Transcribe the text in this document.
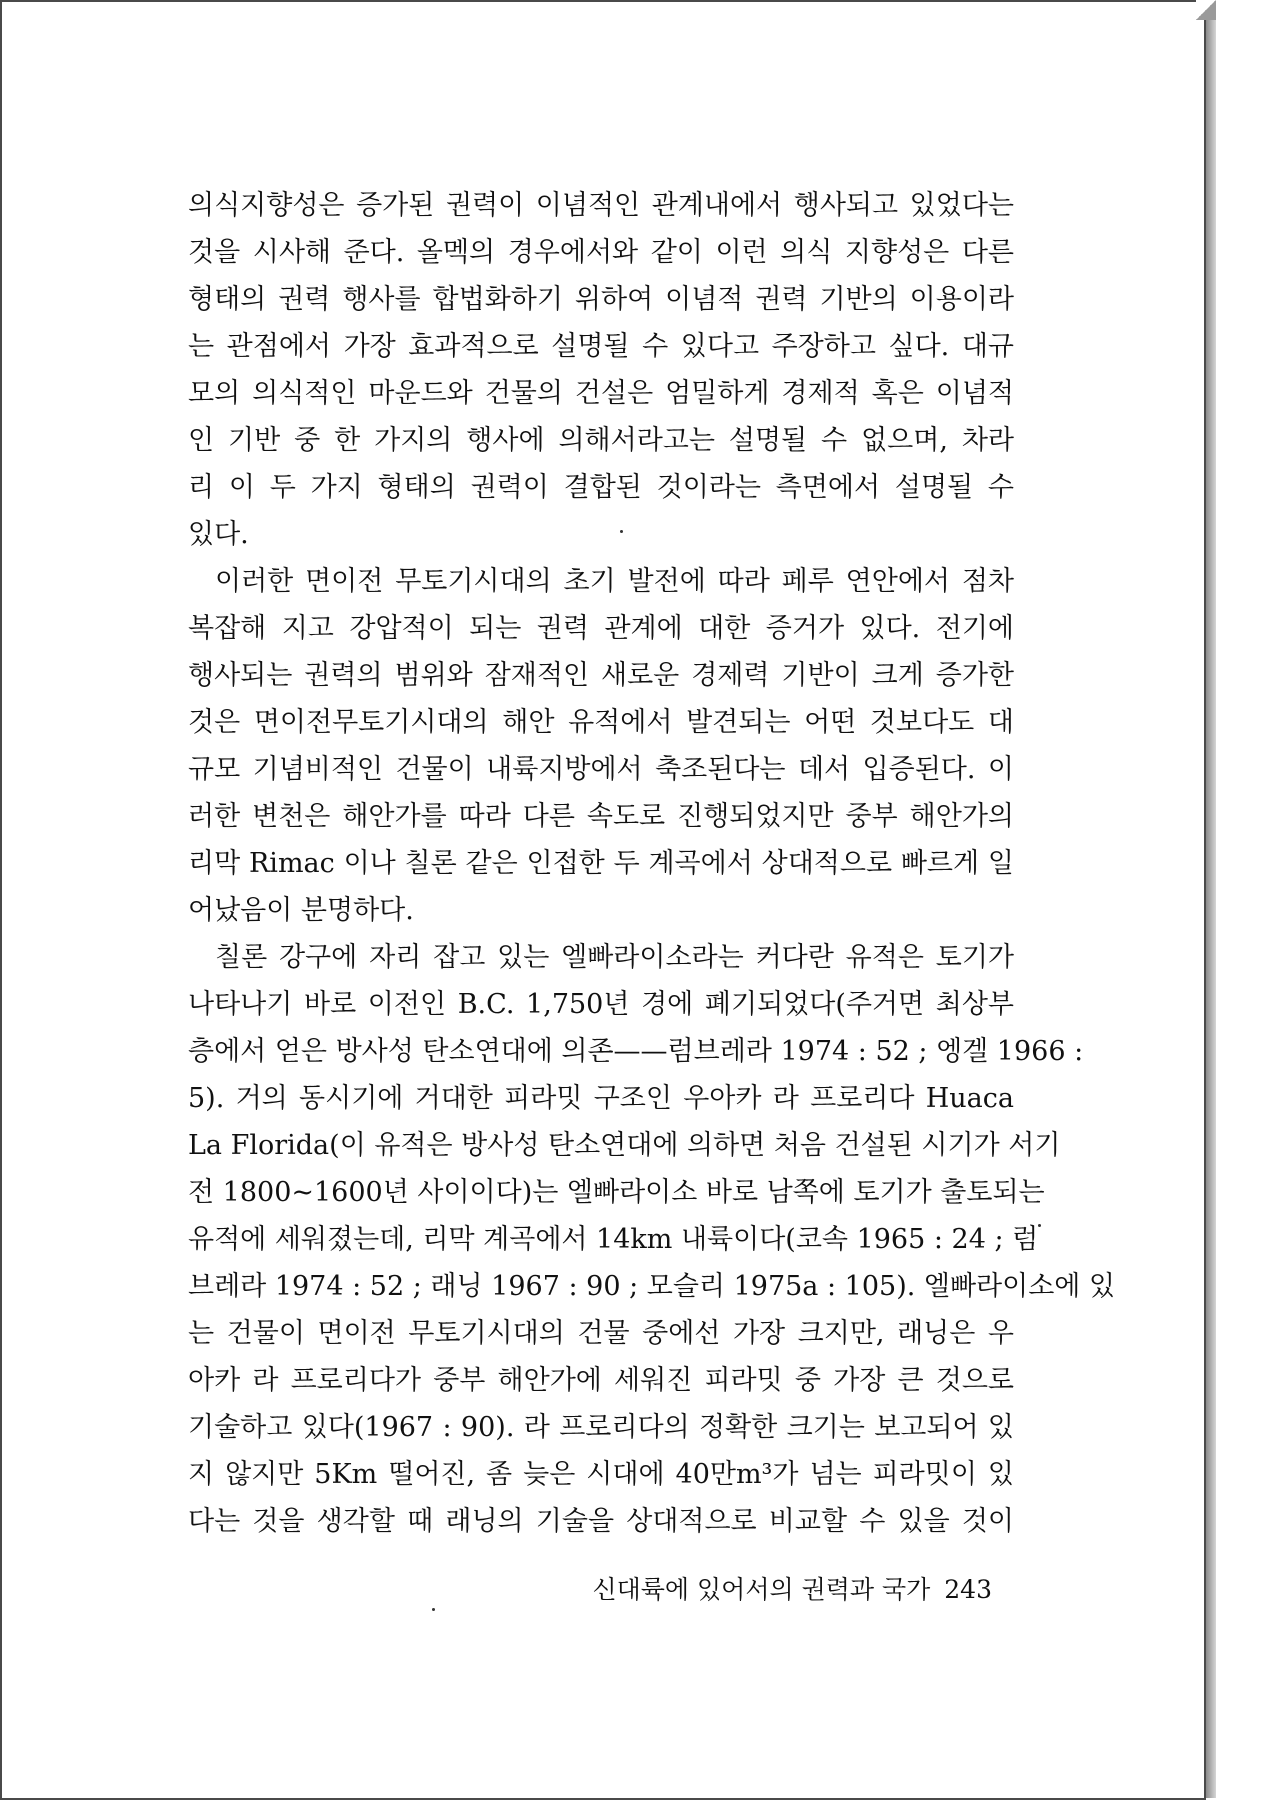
의식지향성은 증가된 권력이 이념적인 관계내에서 행사되고 있었다는
것을 시사해 준다. 올멕의 경우에서와 같이 이런 의식 지향성은 다른
형태의 권력 행사를 합법화하기 위하여 이념적 권력 기반의 이용이라
는 관점에서 가장 효과적으로 설명될 수 있다고 주장하고 싶다. 대규
모의 의식적인 마운드와 건물의 건설은 엄밀하게 경제적 혹은 이념적
인 기반 중 한 가지의 행사에 의해서라고는 설명될 수 없으며, 차라
리 이 두 가지 형태의 권력이 결합된 것이라는 측면에서 설명될 수
있다.
이러한 면이전 무토기시대의 초기 발전에 따라 페루 연안에서 점차
복잡해 지고 강압적이 되는 권력 관계에 대한 증거가 있다. 전기에
행사되는 권력의 범위와 잠재적인 새로운 경제력 기반이 크게 증가한
것은 면이전무토기시대의 해안 유적에서 발견되는 어떤 것보다도 대
규모 기념비적인 건물이 내륙지방에서 축조된다는 데서 입증된다. 이
러한 변천은 해안가를 따라 다른 속도로 진행되었지만 중부 해안가의
리막 Rimac 이나 칠론 같은 인접한 두 계곡에서 상대적으로 빠르게 일
어났음이 분명하다.
칠론 강구에 자리 잡고 있는 엘빠라이소라는 커다란 유적은 토기가
나타나기 바로 이전인 B.C. 1,750년 경에 폐기되었다(주거면 최상부
층에서 얻은 방사성 탄소연대에 의존——럼브레라 1974 : 52 ; 엥겔 1966 :
5). 거의 동시기에 거대한 피라밋 구조인 우아카 라 프로리다 Huaca
La Florida(이 유적은 방사성 탄소연대에 의하면 처음 건설된 시기가 서기
전 1800~1600년 사이이다)는 엘빠라이소 바로 남쪽에 토기가 출토되는
유적에 세워졌는데, 리막 계곡에서 14km 내륙이다(코속 1965 : 24 ; 럼
브레라 1974 : 52 ; 래닝 1967 : 90 ; 모슬리 1975a : 105). 엘빠라이소에 있
는 건물이 면이전 무토기시대의 건물 중에선 가장 크지만, 래닝은 우
아카 라 프로리다가 중부 해안가에 세워진 피라밋 중 가장 큰 것으로
기술하고 있다(1967 : 90). 라 프로리다의 정확한 크기는 보고되어 있
지 않지만 5Km 떨어진, 좀 늦은 시대에 40만m³가 넘는 피라밋이 있
다는 것을 생각할 때 래닝의 기술을 상대적으로 비교할 수 있을 것이
신대륙에 있어서의 권력과 국가 243
